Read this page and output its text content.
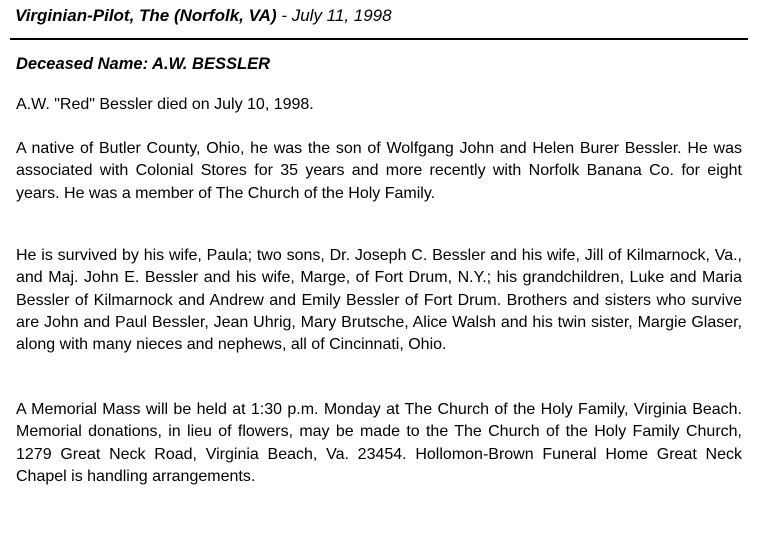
Virginian-Pilot, The (Norfolk, VA) - July 11, 1998
Deceased Name: A.W. BESSLER

A.W. "Red" Bessler died on July 10, 1998.

A native of Butler County, Ohio, he was the son of Wolfgang John and Helen Burer Bessler. He was associated with Colonial Stores for 35 years and more recently with Norfolk Banana Co. for eight years. He was a member of The Church of the Holy Family.

He is survived by his wife, Paula; two sons, Dr. Joseph C. Bessler and his wife, Jill of Kilmarnock, Va., and Maj. John E. Bessler and his wife, Marge, of Fort Drum, N.Y.; his grandchildren, Luke and Maria Bessler of Kilmarnock and Andrew and Emily Bessler of Fort Drum. Brothers and sisters who survive are John and Paul Bessler, Jean Uhrig, Mary Brutsche, Alice Walsh and his twin sister, Margie Glaser, along with many nieces and nephews, all of Cincinnati, Ohio.

A Memorial Mass will be held at 1:30 p.m. Monday at The Church of the Holy Family, Virginia Beach. Memorial donations, in lieu of flowers, may be made to the The Church of the Holy Family Church, 1279 Great Neck Road, Virginia Beach, Va. 23454. Hollomon-Brown Funeral Home Great Neck Chapel is handling arrangements.
